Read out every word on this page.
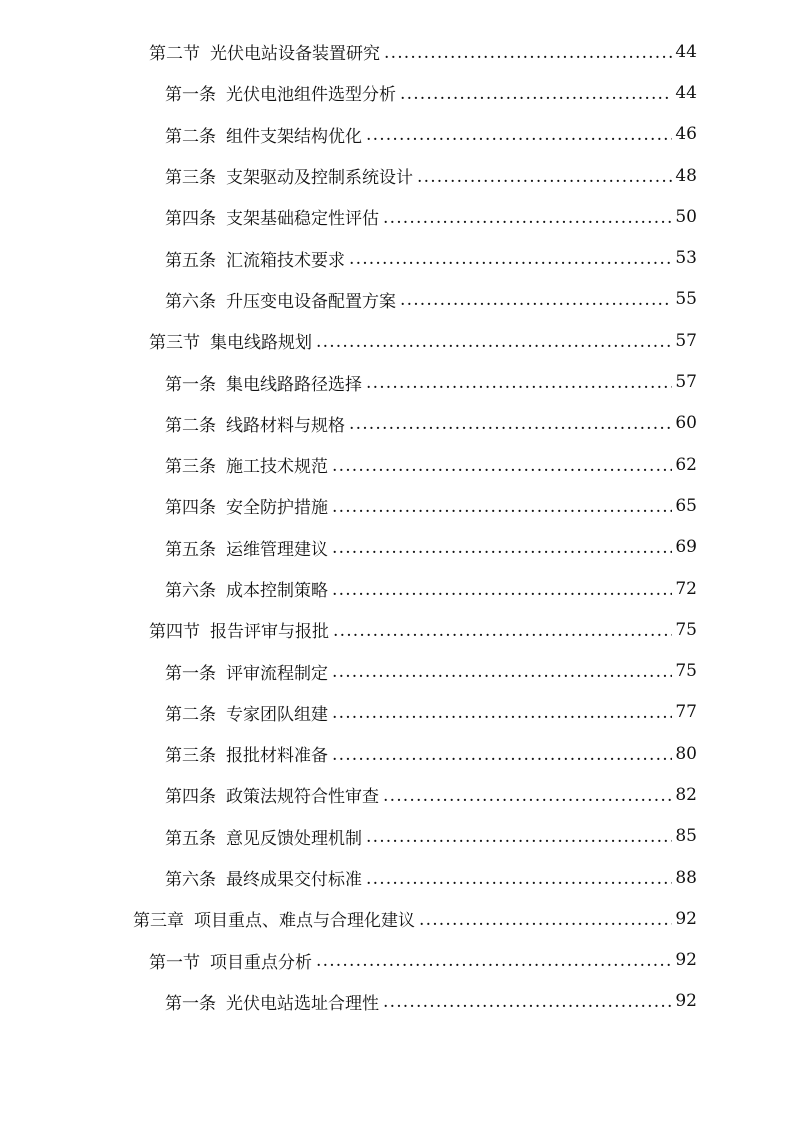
第二节 光伏电站设备装置研究 .....	44
第一条 光伏电池组件选型分析 .....	44
第二条 组件支架结构优化 .....	46
第三条 支架驱动及控制系统设计 .....	48
第四条 支架基础稳定性评估 .....	50
第五条 汇流箱技术要求 .....	53
第六条 升压变电设备配置方案 .....	55
第三节 集电线路规划 .....	57
第一条 集电线路路径选择 .....	57
第二条 线路材料与规格 .....	60
第三条 施工技术规范 .....	62
第四条 安全防护措施 .....	65
第五条 运维管理建议 .....	69
第六条 成本控制策略 .....	72
第四节 报告评审与报批 .....	75
第一条 评审流程制定 .....	75
第二条 专家团队组建 .....	77
第三条 报批材料准备 .....	80
第四条 政策法规符合性审查 .....	82
第五条 意见反馈处理机制 .....	85
第六条 最终成果交付标准 .....	88
第三章 项目重点、难点与合理化建议 .....	92
第一节 项目重点分析 .....	92
第一条 光伏电站选址合理性 .....	92
